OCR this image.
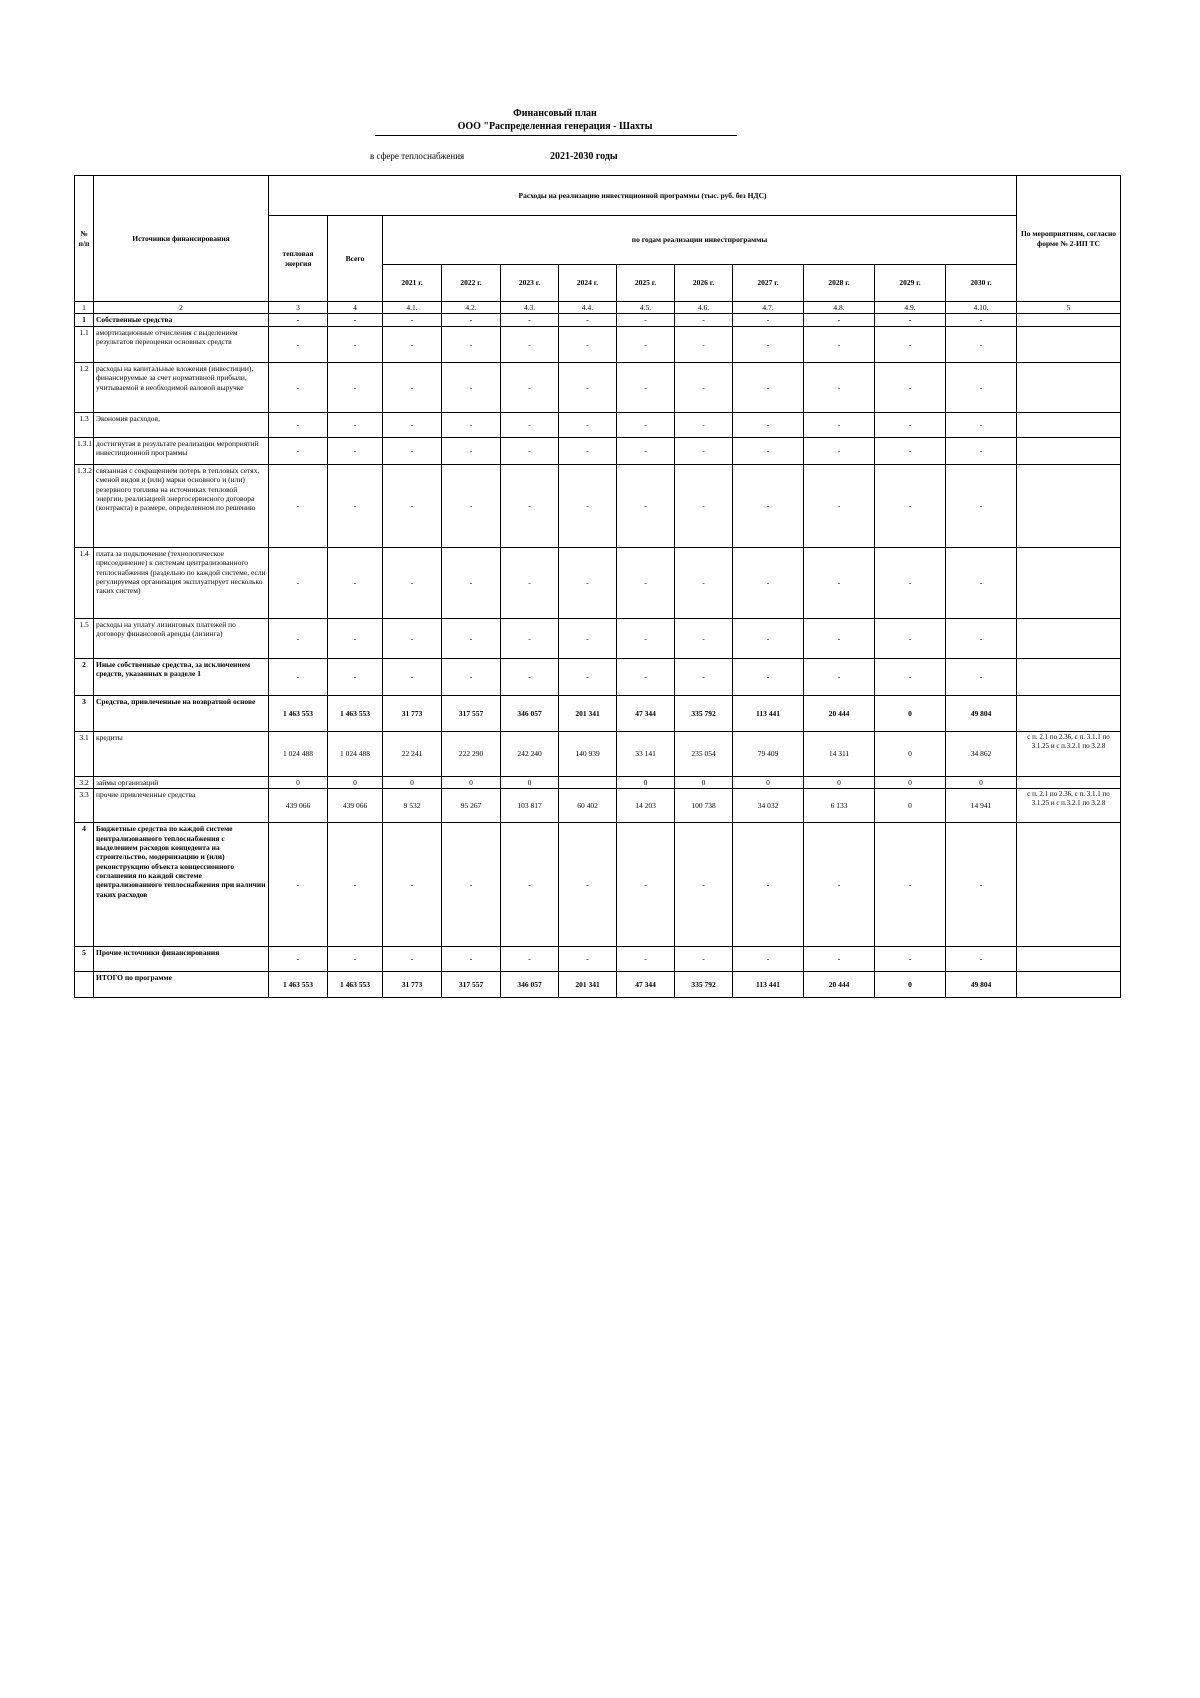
Финансовый план
ООО "Распределенная генерация - Шахты
в сфере теплоснабжения	2021-2030 годы
№ п/п	Источники финансирования	Расходы на реализацию инвестиционной программы (тыс. руб. без НДС)												По мероприятиям, согласно форме № 2-ИП ТС
		тепловая энергия	Всего	по годам реализации инвестпрограммы										
				2021 г.	2022 г.	2023 г.	2024 г.	2025 г.	2026 г.	2027 г.	2028 г.	2029 г.	2030 г.	
1	2	3	4	4.1.	4.2.	4.3.	4.4.	4.5.	4.6.	4.7.	4.8.	4.9.	4.10.	5
1	Собственные средства	-	-	-	-	-	-	-	-	-	-	-	-	
1.1	амортизационные отчисления с выделением результатов переоценки основных средств	-	-	-	-	-	-	-	-	-	-	-	-	
1.2	расходы на капитальные вложения (инвестиции), финансируемые за счет нормативной прибыли, учитываемой в необходимой валовой выручке	-	-	-	-	-	-	-	-	-	-	-	-	
1.3	Экономия расходов,	-	-	-	-	-	-	-	-	-	-	-	-	
1.3.1	достигнутая в результате реализации мероприятий инвестиционной программы	-	-	-	-	-	-	-	-	-	-	-	-	
1.3.2	связанная с сокращением потерь в тепловых сетях, сменой видов и (или) марки основного и (или) резервного топлива на источниках тепловой энергии, реализацией энергосервисного договора (контракта) в размере, определенном по решению	-	-	-	-	-	-	-	-	-	-	-	-	
1.4	плата за подключение (технологическое присоединение) к системам централизованного теплоснабжения (раздельно по каждой системе, если регулируемая организация эксплуатирует несколько таких систем)	-	-	-	-	-	-	-	-	-	-	-	-	
1.5	расходы на уплату лизинговых платежей по договору финансовой аренды (лизинга)	-	-	-	-	-	-	-	-	-	-	-	-	
2	Иные собственные средства, за исключением средств, указанных в разделе 1	-	-	-	-	-	-	-	-	-	-	-	-	
3	Средства, привлеченные на возвратной основе	1 463 553	1 463 553	31 773	317 557	346 057	201 341	47 344	335 792	113 441	20 444	0	49 804	
3.1	кредиты	1 024 488	1 024 488	22 241	222 290	242 240	140 939	33 141	235 054	79 409	14 311	0	34 862	с п. 2.1 по 2.36, с п. 3.1.1 по 3.1.25 и с п.3.2.1 по 3.2.8
3.2	займы организаций	0	0	0	0	0		0	0	0	0	0	0	
3.3	прочие привлеченные средства	439 066	439 066	9 532	95 267	103 817	60 402	14 203	100 738	34 032	6 133	0	14 941	с п. 2.1 по 2.36, с п. 3.1.1 по 3.1.25 и с п.3.2.1 по 3.2.8
4	Бюджетные средства по каждой системе централизованного теплоснабжения с выделением расходов концедента на строительство, модернизацию и (или) реконструкцию объекта концессионного соглашения по каждой системе централизованного теплоснабжения при наличии таких расходов	-	-	-	-	-	-	-	-	-	-	-	-	
5	Прочие источники финансирования	-	-	-	-	-	-	-	-	-	-	-	-	
	ИТОГО по программе	1 463 553	1 463 553	31 773	317 557	346 057	201 341	47 344	335 792	113 441	20 444	0	49 804	
